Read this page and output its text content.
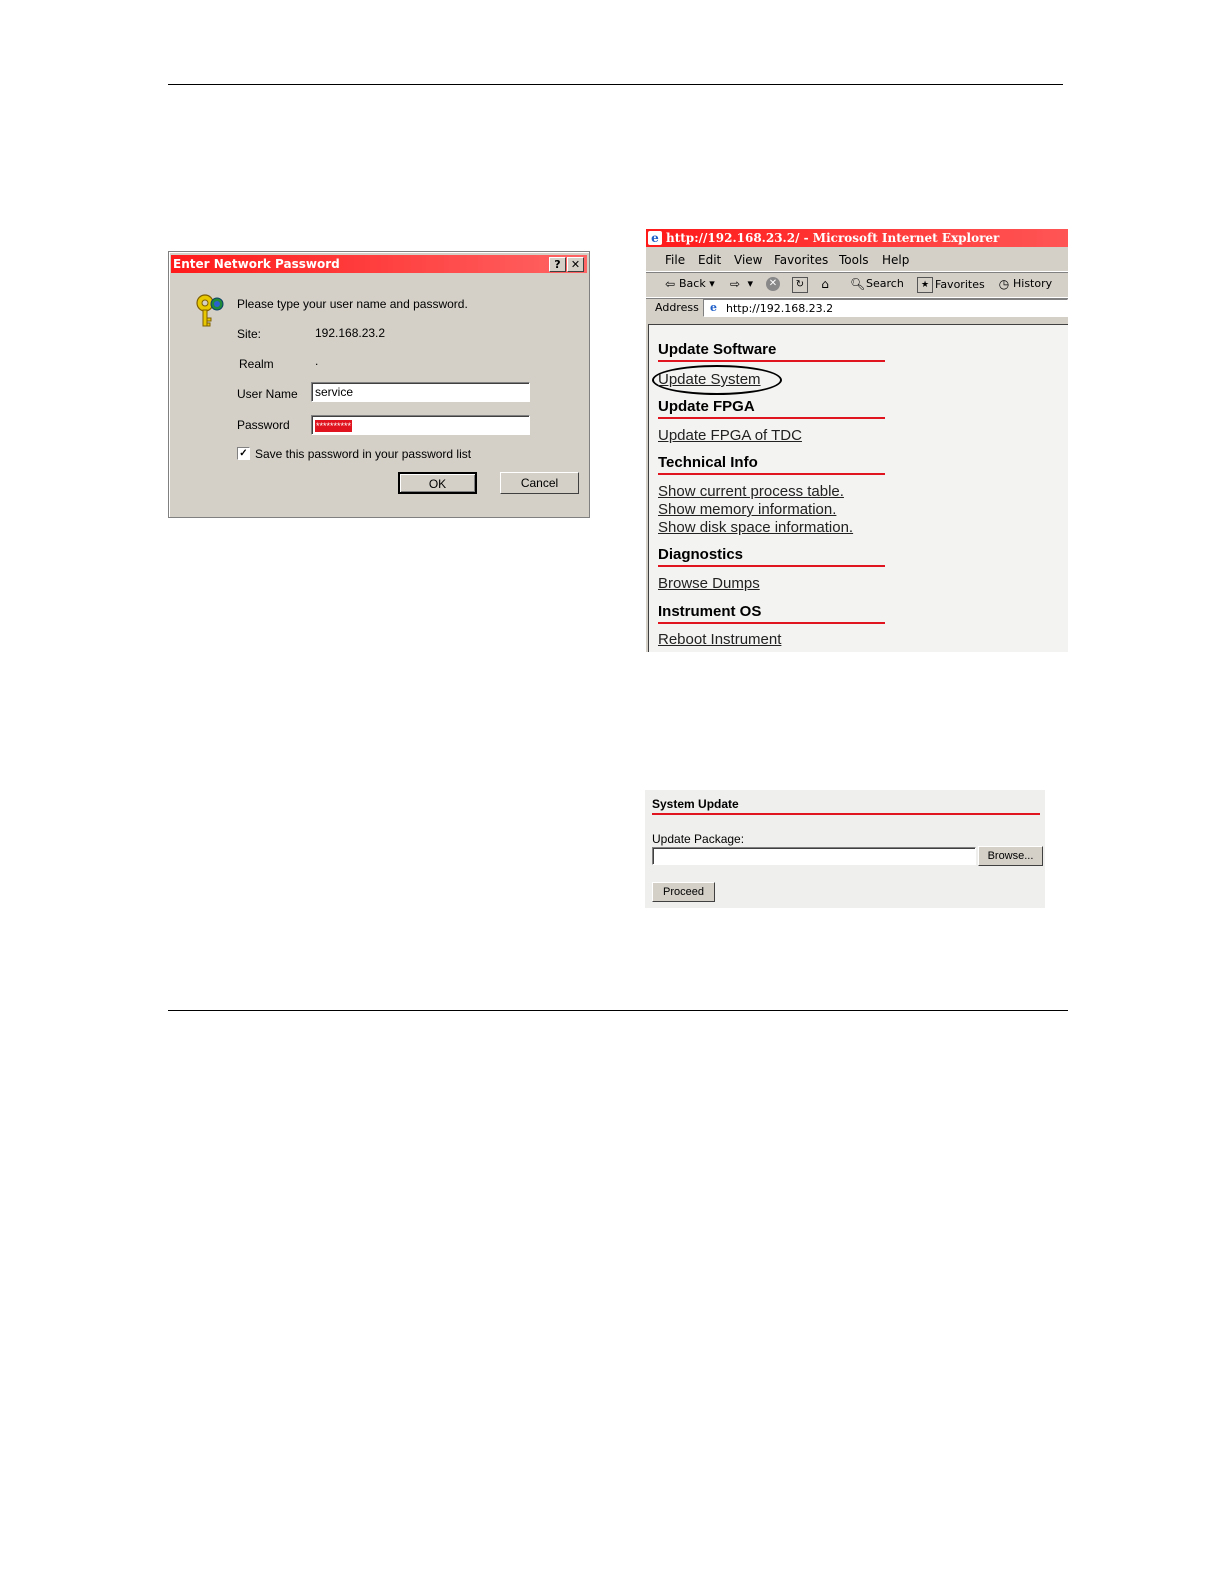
Enter Network Password	? ✕
Please type your user name and password.
Site:	192.168.23.2
Realm	.
User Name	service
Password	**********
✓ Save this password in your password list
OK	Cancel
e http://192.168.23.2/ - Microsoft Internet Explorer
File Edit View Favorites Tools Help
⇦ Back ▾ ⇨ ▾ ✕	↻	⌂	🔍︎Search	★ Favorites ◷ History
Address e http://192.168.23.2
Update Software
Update System
Update FPGA
Update FPGA of TDC
Technical Info
Show current process table.
Show memory information.
Show disk space information.
Diagnostics
Browse Dumps
Instrument OS
Reboot Instrument
System Update
Update Package:
Browse...
Proceed
